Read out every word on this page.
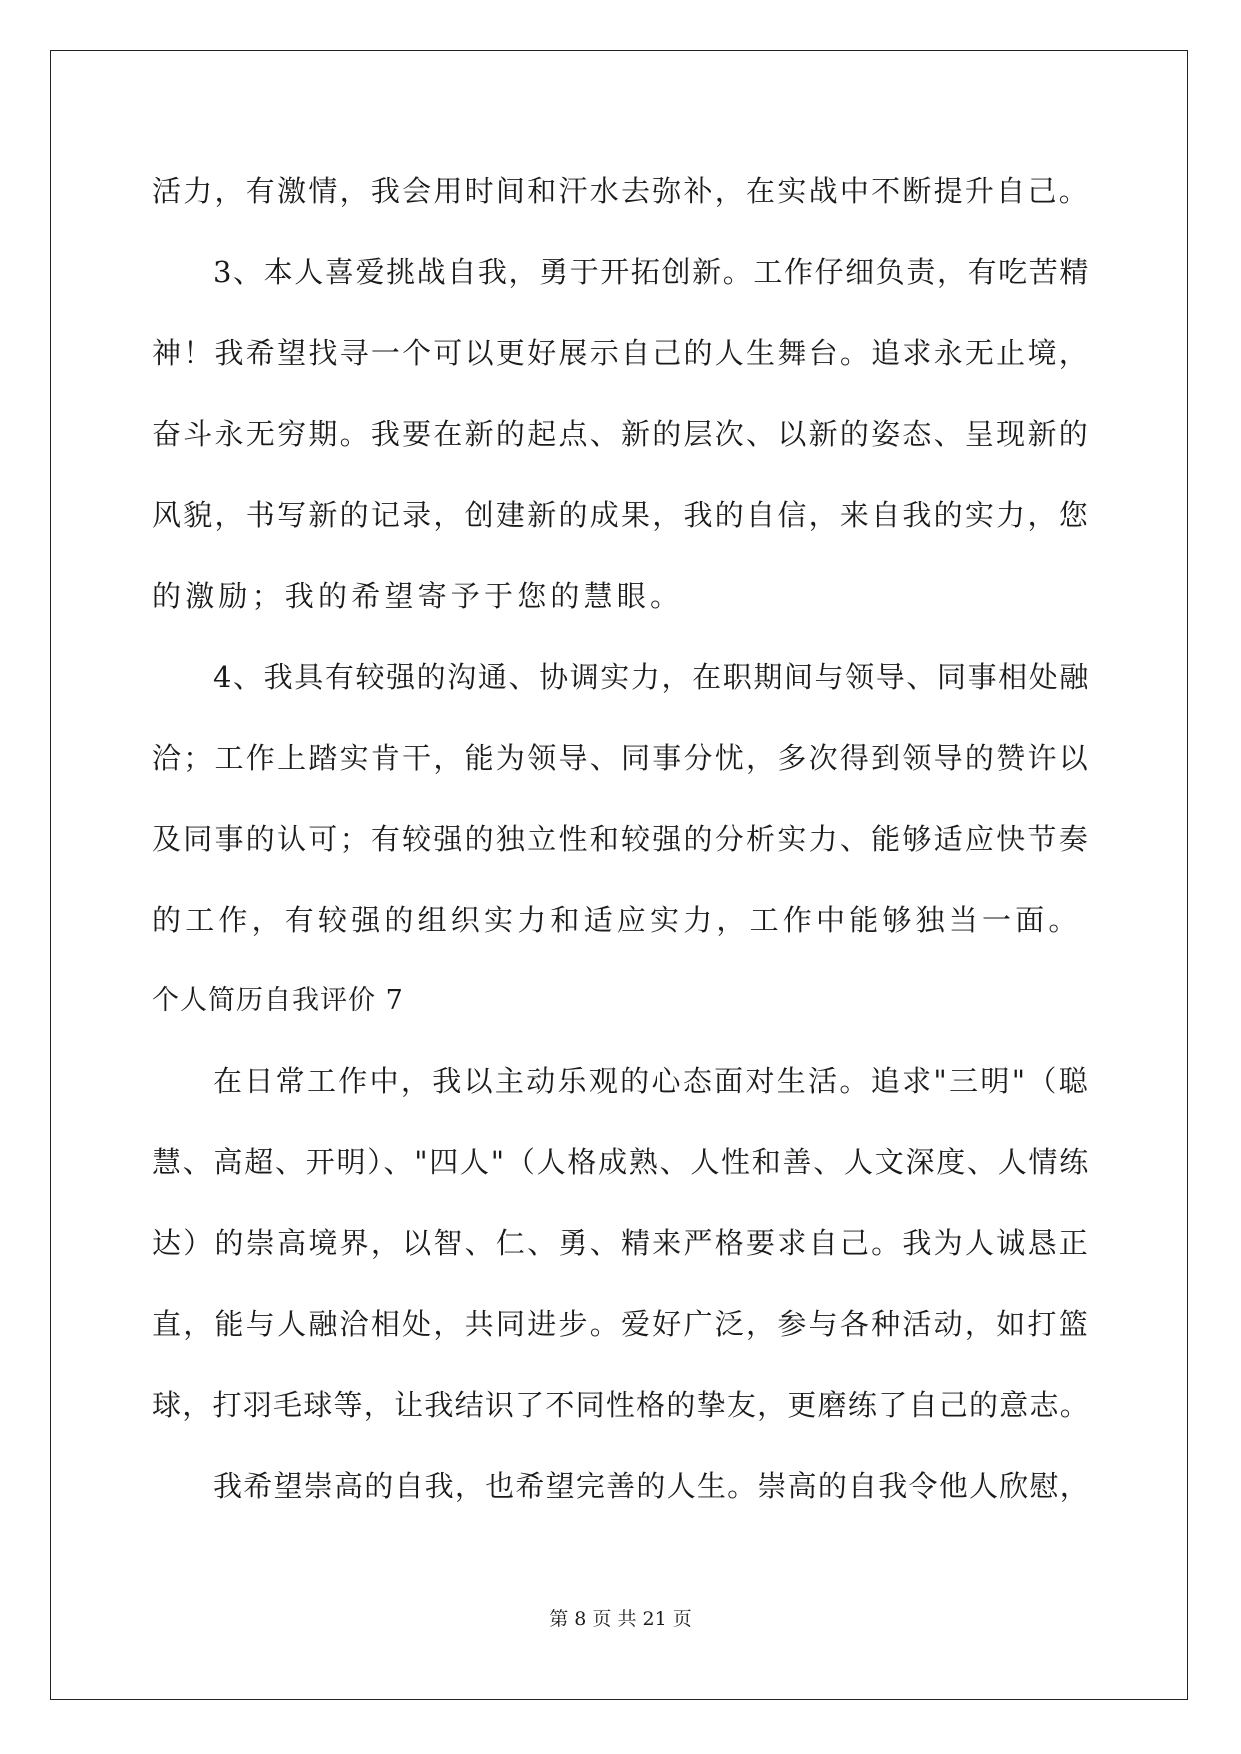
活力，有激情，我会用时间和汗水去弥补，在实战中不断提升自己。
3、本人喜爱挑战自我，勇于开拓创新。工作仔细负责，有吃苦精
神！我希望找寻一个可以更好展示自己的人生舞台。追求永无止境，
奋斗永无穷期。我要在新的起点、新的层次、以新的姿态、呈现新的
风貌，书写新的记录，创建新的成果，我的自信，来自我的实力，您
的激励；我的希望寄予于您的慧眼。
4、我具有较强的沟通、协调实力，在职期间与领导、同事相处融
洽；工作上踏实肯干，能为领导、同事分忧，多次得到领导的赞许以
及同事的认可；有较强的独立性和较强的分析实力、能够适应快节奏
的工作，有较强的组织实力和适应实力，工作中能够独当一面。
个人简历自我评价 7
在日常工作中，我以主动乐观的心态面对生活。追求"三明"（聪
慧、高超、开明）、"四人"（人格成熟、人性和善、人文深度、人情练
达）的崇高境界，以智、仁、勇、精来严格要求自己。我为人诚恳正
直，能与人融洽相处，共同进步。爱好广泛，参与各种活动，如打篮
球，打羽毛球等，让我结识了不同性格的挚友，更磨练了自己的意志。
我希望崇高的自我，也希望完善的人生。崇高的自我令他人欣慰，
第 8 页 共 21 页
